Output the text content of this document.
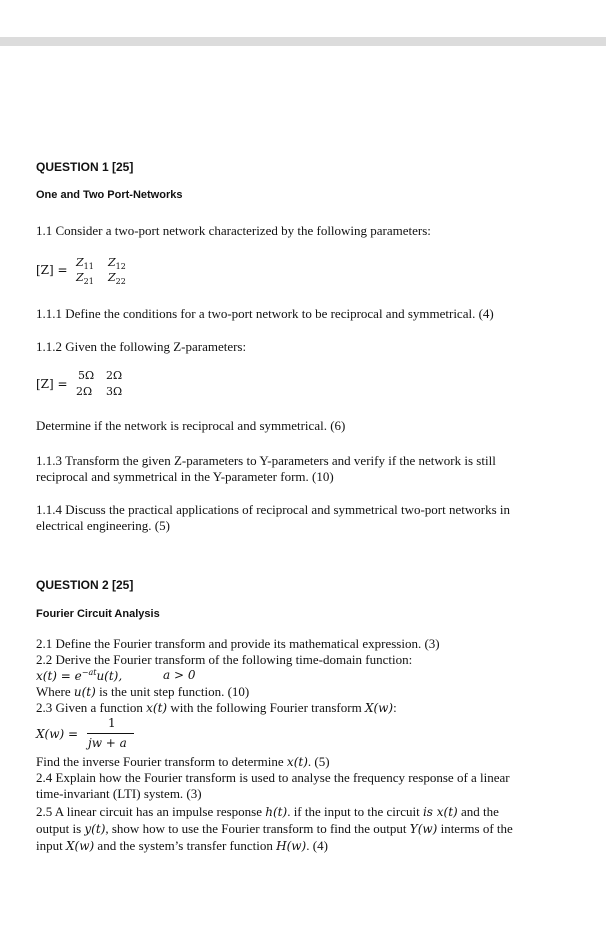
QUESTION 1 [25]
One and Two Port-Networks
1.1 Consider a two-port network characterized by the following parameters:
[Z] =
$Z_{11}$ $Z_{12}$
$Z_{21}$ $Z_{22}$
1.1.1 Define the conditions for a two-port network to be reciprocal and symmetrical. (4)
1.1.2 Given the following Z-parameters:
[Z] =
5Ω 2Ω
2Ω 3Ω
Determine if the network is reciprocal and symmetrical. (6)
1.1.3 Transform the given Z-parameters to Y-parameters and verify if the network is still
reciprocal and symmetrical in the Y-parameter form. (10)
1.1.4 Discuss the practical applications of reciprocal and symmetrical two-port networks in
electrical engineering. (5)
QUESTION 2 [25]
Fourier Circuit Analysis
2.1 Define the Fourier transform and provide its mathematical expression. (3)
2.2 Derive the Fourier transform of the following time-domain function:
$x(t) = e^{-at}u(t)$,	a > 0
Where u(t) is the unit step function. (10)
2.3 Given a function x(t) with the following Fourier transform X(w):
X(w) =
1
jw + a
Find the inverse Fourier transform to determine x(t). (5)
2.4 Explain how the Fourier transform is used to analyse the frequency response of a linear
time-invariant (LTI) system. (3)
2.5 A linear circuit has an impulse response h(t). if the input to the circuit is x(t) and the
output is y(t), show how to use the Fourier transform to find the output Y(w) interms of the
input X(w) and the system’s transfer function H(w). (4)
